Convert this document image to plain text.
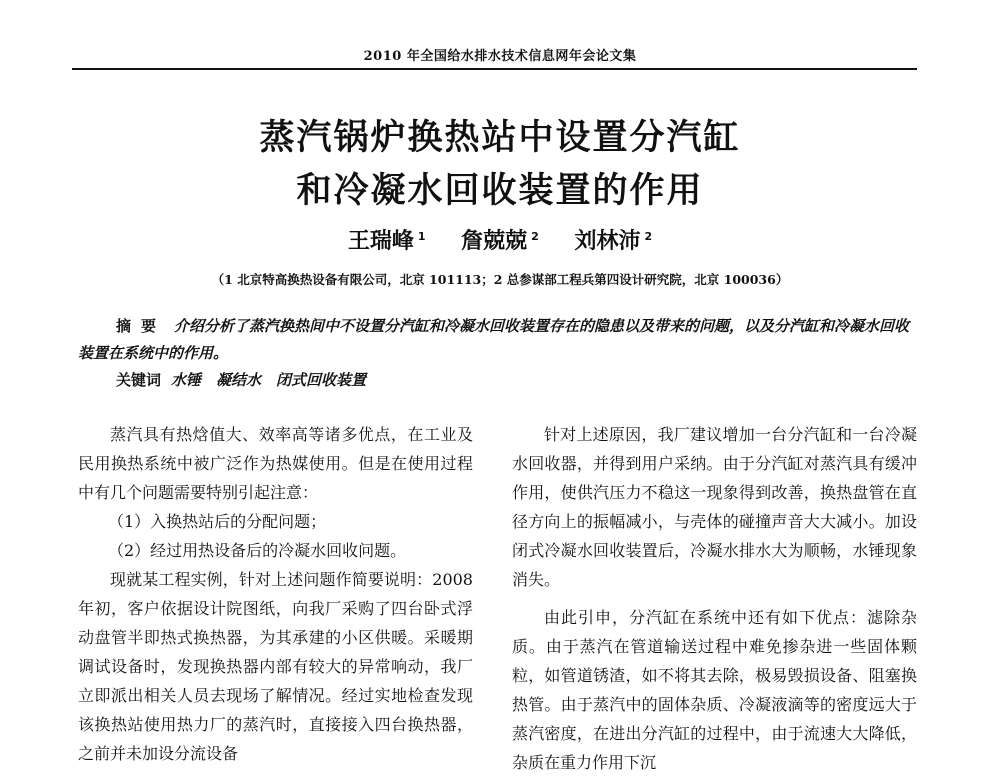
2010 年全国给水排水技术信息网年会论文集
蒸汽锅炉换热站中设置分汽缸
和冷凝水回收装置的作用
王瑞峰 $^1$ 詹兢兢 $^2$ 刘林沛 $^2$
（1 北京特高换热设备有限公司，北京 101113；2 总参谋部工程兵第四设计研究院，北京 100036）
摘要 介绍分析了蒸汽换热间中不设置分汽缸和冷凝水回收装置存在的隐患以及带来的问题，以及分汽缸和冷凝水回收装置在系统中的作用。
关键词 水锤　凝结水　闭式回收装置

蒸汽具有热焓值大、效率高等诸多优点，在工业及民用换热系统中被广泛作为热媒使用。但是在使用过程中有几个问题需要特别引起注意：

（1）入换热站后的分配问题；

（2）经过用热设备后的冷凝水回收问题。

现就某工程实例，针对上述问题作简要说明：2008 年初，客户依据设计院图纸，向我厂采购了四台卧式浮动盘管半即热式换热器，为其承建的小区供暖。采暖期调试设备时，发现换热器内部有较大的异常响动，我厂立即派出相关人员去现场了解情况。经过实地检查发现该换热站使用热力厂的蒸汽时，直接接入四台换热器，之前并未加设分流设备

针对上述原因，我厂建议增加一台分汽缸和一台冷凝水回收器，并得到用户采纳。由于分汽缸对蒸汽具有缓冲作用，使供汽压力不稳这一现象得到改善，换热盘管在直径方向上的振幅减小，与壳体的碰撞声音大大减小。加设闭式冷凝水回收装置后，冷凝水排水大为顺畅，水锤现象消失。

由此引申，分汽缸在系统中还有如下优点：滤除杂质。由于蒸汽在管道输送过程中难免掺杂进一些固体颗粒，如管道锈渣，如不将其去除，极易毁损设备、阻塞换热管。由于蒸汽中的固体杂质、冷凝液滴等的密度远大于蒸汽密度，在进出分汽缸的过程中，由于流速大大降低，杂质在重力作用下沉
